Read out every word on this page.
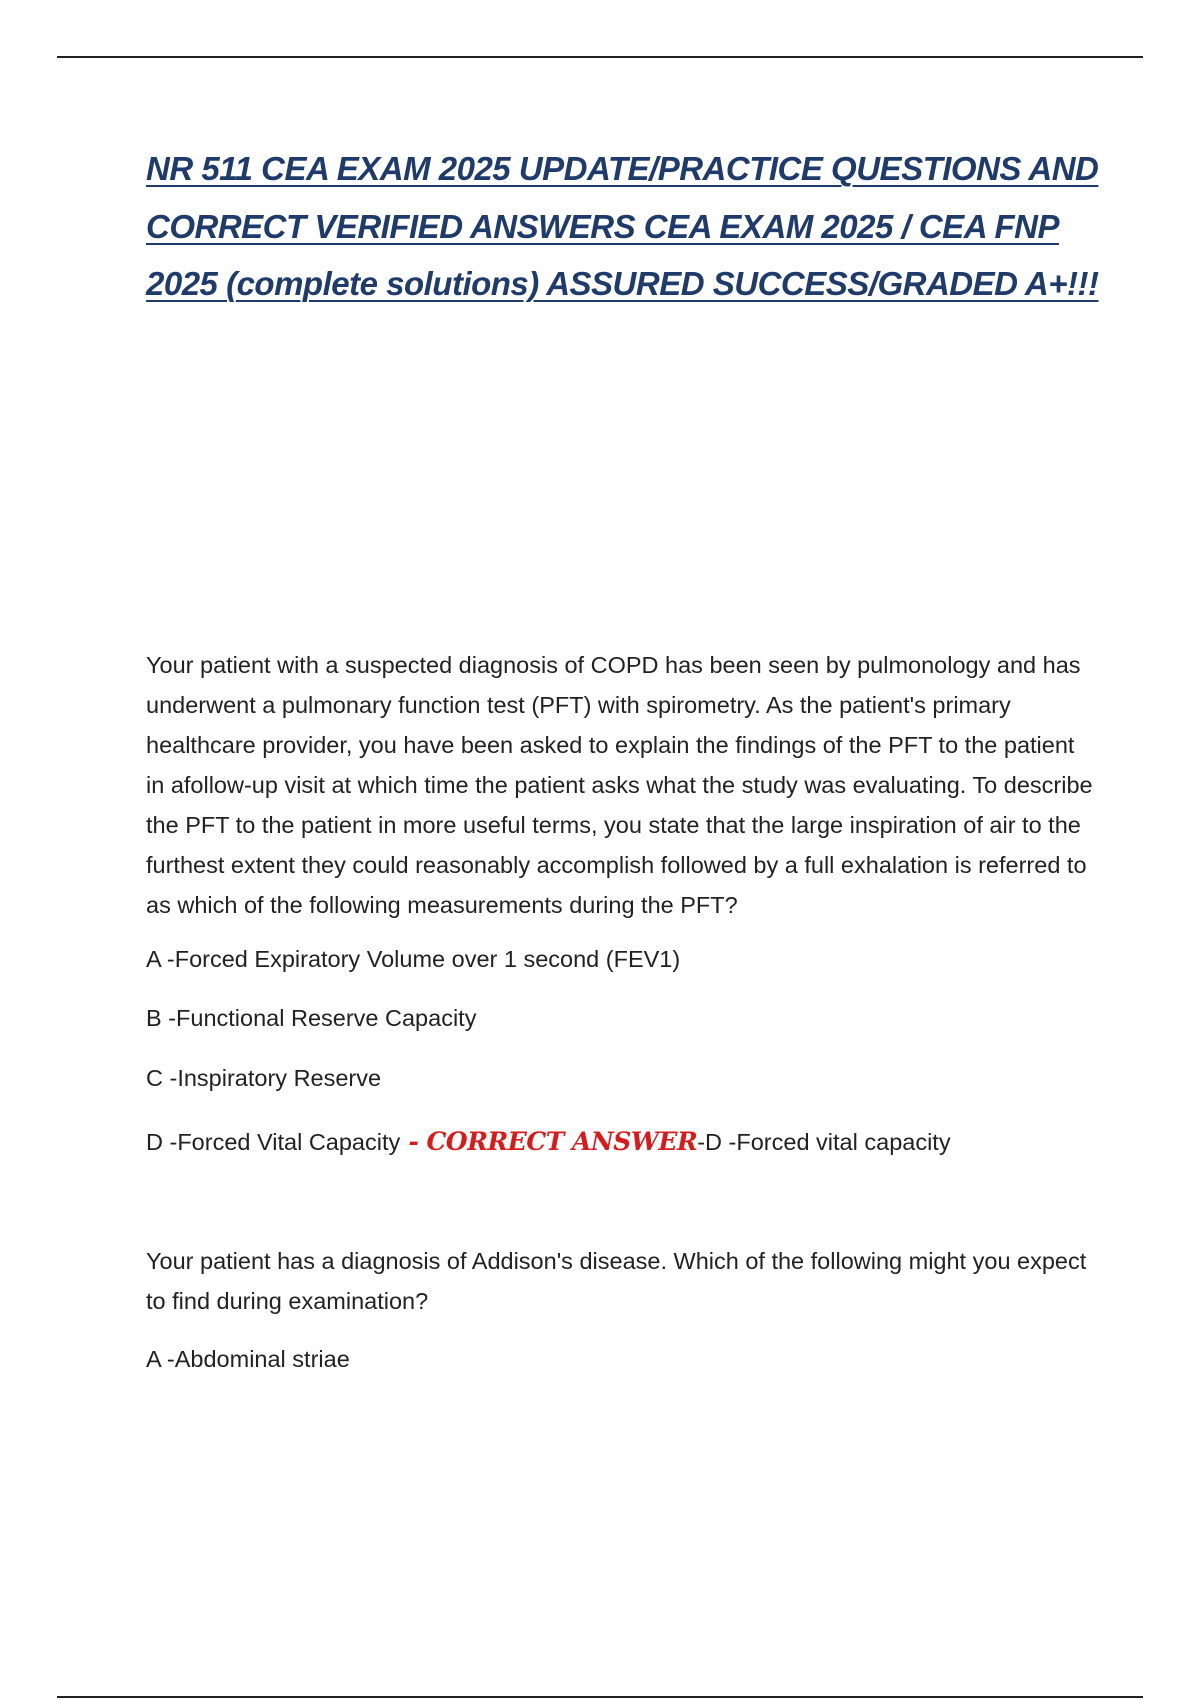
NR 511 CEA EXAM 2025 UPDATE/PRACTICE QUESTIONS AND CORRECT VERIFIED ANSWERS CEA EXAM 2025 / CEA FNP 2025 (complete solutions) ASSURED SUCCESS/GRADED A+!!!

Your patient with a suspected diagnosis of COPD has been seen by pulmonology and has underwent a pulmonary function test (PFT) with spirometry. As the patient's primary healthcare provider, you have been asked to explain the findings of the PFT to the patient in afollow-up visit at which time the patient asks what the study was evaluating. To describe the PFT to the patient in more useful terms, you state that the large inspiration of air to the furthest extent they could reasonably accomplish followed by a full exhalation is referred to as which of the following measurements during the PFT?

A -Forced Expiratory Volume over 1 second (FEV1)

B -Functional Reserve Capacity

C -Inspiratory Reserve

D -Forced Vital Capacity - CORRECT ANSWER-D -Forced vital capacity

Your patient has a diagnosis of Addison's disease. Which of the following might you expect to find during examination?

A -Abdominal striae
